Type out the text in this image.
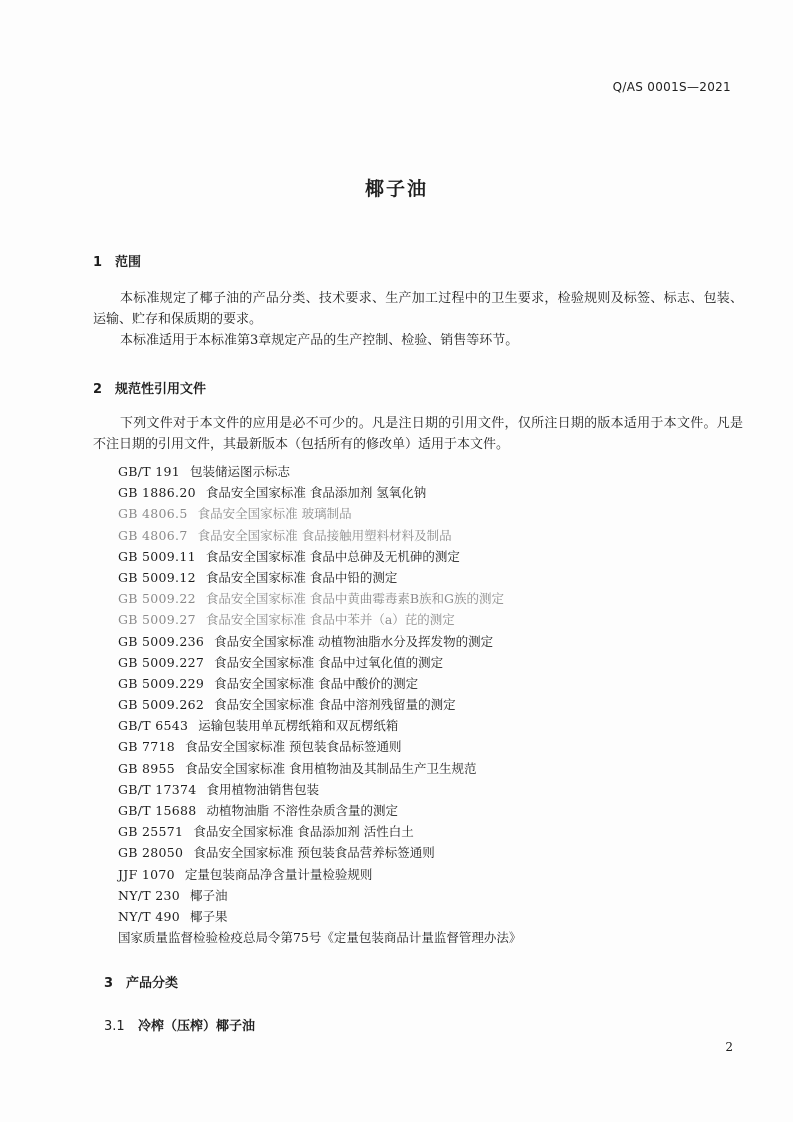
Q/AS 0001S—2021
椰子油
1 范围
本标准规定了椰子油的产品分类、技术要求、生产加工过程中的卫生要求，检验规则及标签、标志、包装、运输、贮存和保质期的要求。
本标准适用于本标准第3章规定产品的生产控制、检验、销售等环节。
2 规范性引用文件
下列文件对于本文件的应用是必不可少的。凡是注日期的引用文件，仅所注日期的版本适用于本文件。凡是不注日期的引用文件，其最新版本（包括所有的修改单）适用于本文件。
GB/T 191 包装储运图示标志
GB 1886.20 食品安全国家标准 食品添加剂 氢氧化钠
GB 4806.5 食品安全国家标准 玻璃制品
GB 4806.7 食品安全国家标准 食品接触用塑料材料及制品
GB 5009.11 食品安全国家标准 食品中总砷及无机砷的测定
GB 5009.12 食品安全国家标准 食品中铅的测定
GB 5009.22 食品安全国家标准 食品中黄曲霉毒素B族和G族的测定
GB 5009.27 食品安全国家标准 食品中苯并（a）芘的测定
GB 5009.236 食品安全国家标准 动植物油脂水分及挥发物的测定
GB 5009.227 食品安全国家标准 食品中过氧化值的测定
GB 5009.229 食品安全国家标准 食品中酸价的测定
GB 5009.262 食品安全国家标准 食品中溶剂残留量的测定
GB/T 6543 运输包装用单瓦楞纸箱和双瓦楞纸箱
GB 7718 食品安全国家标准 预包装食品标签通则
GB 8955 食品安全国家标准 食用植物油及其制品生产卫生规范
GB/T 17374 食用植物油销售包装
GB/T 15688 动植物油脂 不溶性杂质含量的测定
GB 25571 食品安全国家标准 食品添加剂 活性白土
GB 28050 食品安全国家标准 预包装食品营养标签通则
JJF 1070 定量包装商品净含量计量检验规则
NY/T 230 椰子油
NY/T 490 椰子果
国家质量监督检验检疫总局令第75号《定量包装商品计量监督管理办法》
3 产品分类
3.1 冷榨（压榨）椰子油
2
